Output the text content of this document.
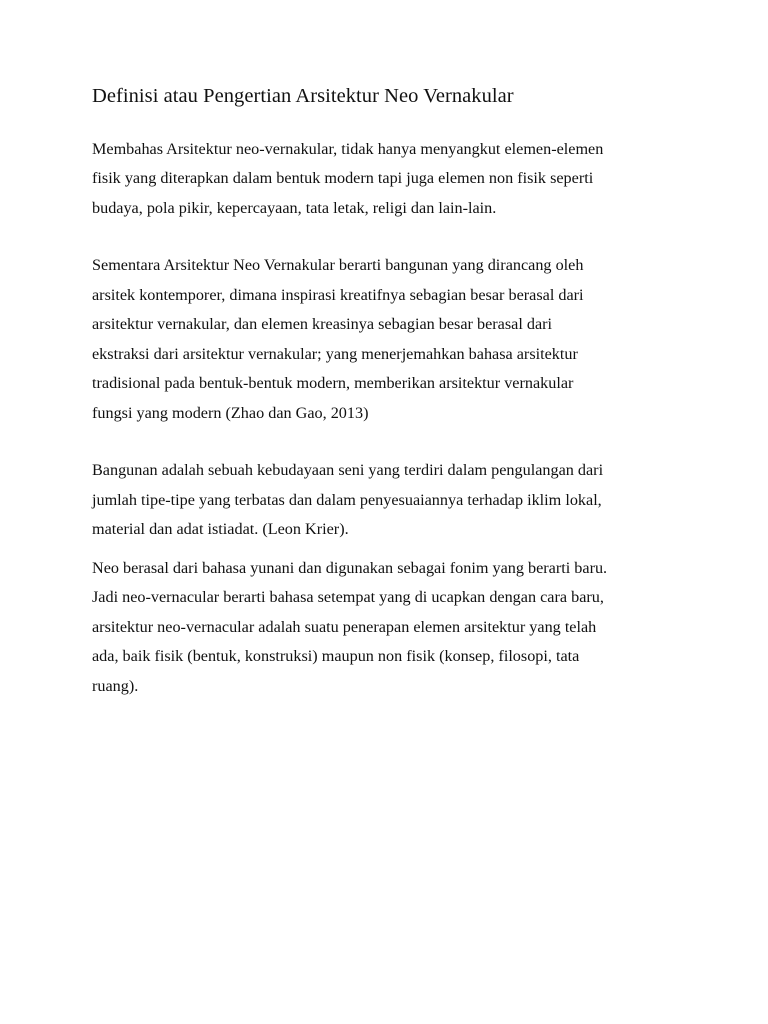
Definisi atau Pengertian Arsitektur Neo Vernakular

Membahas Arsitektur neo-vernakular, tidak hanya menyangkut elemen-elemen
fisik yang diterapkan dalam bentuk modern tapi juga elemen non fisik seperti
budaya, pola pikir, kepercayaan, tata letak, religi dan lain-lain.

Sementara Arsitektur Neo Vernakular berarti bangunan yang dirancang oleh
arsitek kontemporer, dimana inspirasi kreatifnya sebagian besar berasal dari
arsitektur vernakular, dan elemen kreasinya sebagian besar berasal dari
ekstraksi dari arsitektur vernakular; yang menerjemahkan bahasa arsitektur
tradisional pada bentuk-bentuk modern, memberikan arsitektur vernakular
fungsi yang modern (Zhao dan Gao, 2013)

Bangunan adalah sebuah kebudayaan seni yang terdiri dalam pengulangan dari
jumlah tipe-tipe yang terbatas dan dalam penyesuaiannya terhadap iklim lokal,
material dan adat istiadat. (Leon Krier).

Neo berasal dari bahasa yunani dan digunakan sebagai fonim yang berarti baru.
Jadi neo-vernacular berarti bahasa setempat yang di ucapkan dengan cara baru,
arsitektur neo-vernacular adalah suatu penerapan elemen arsitektur yang telah
ada, baik fisik (bentuk, konstruksi) maupun non fisik (konsep, filosopi, tata
ruang).
